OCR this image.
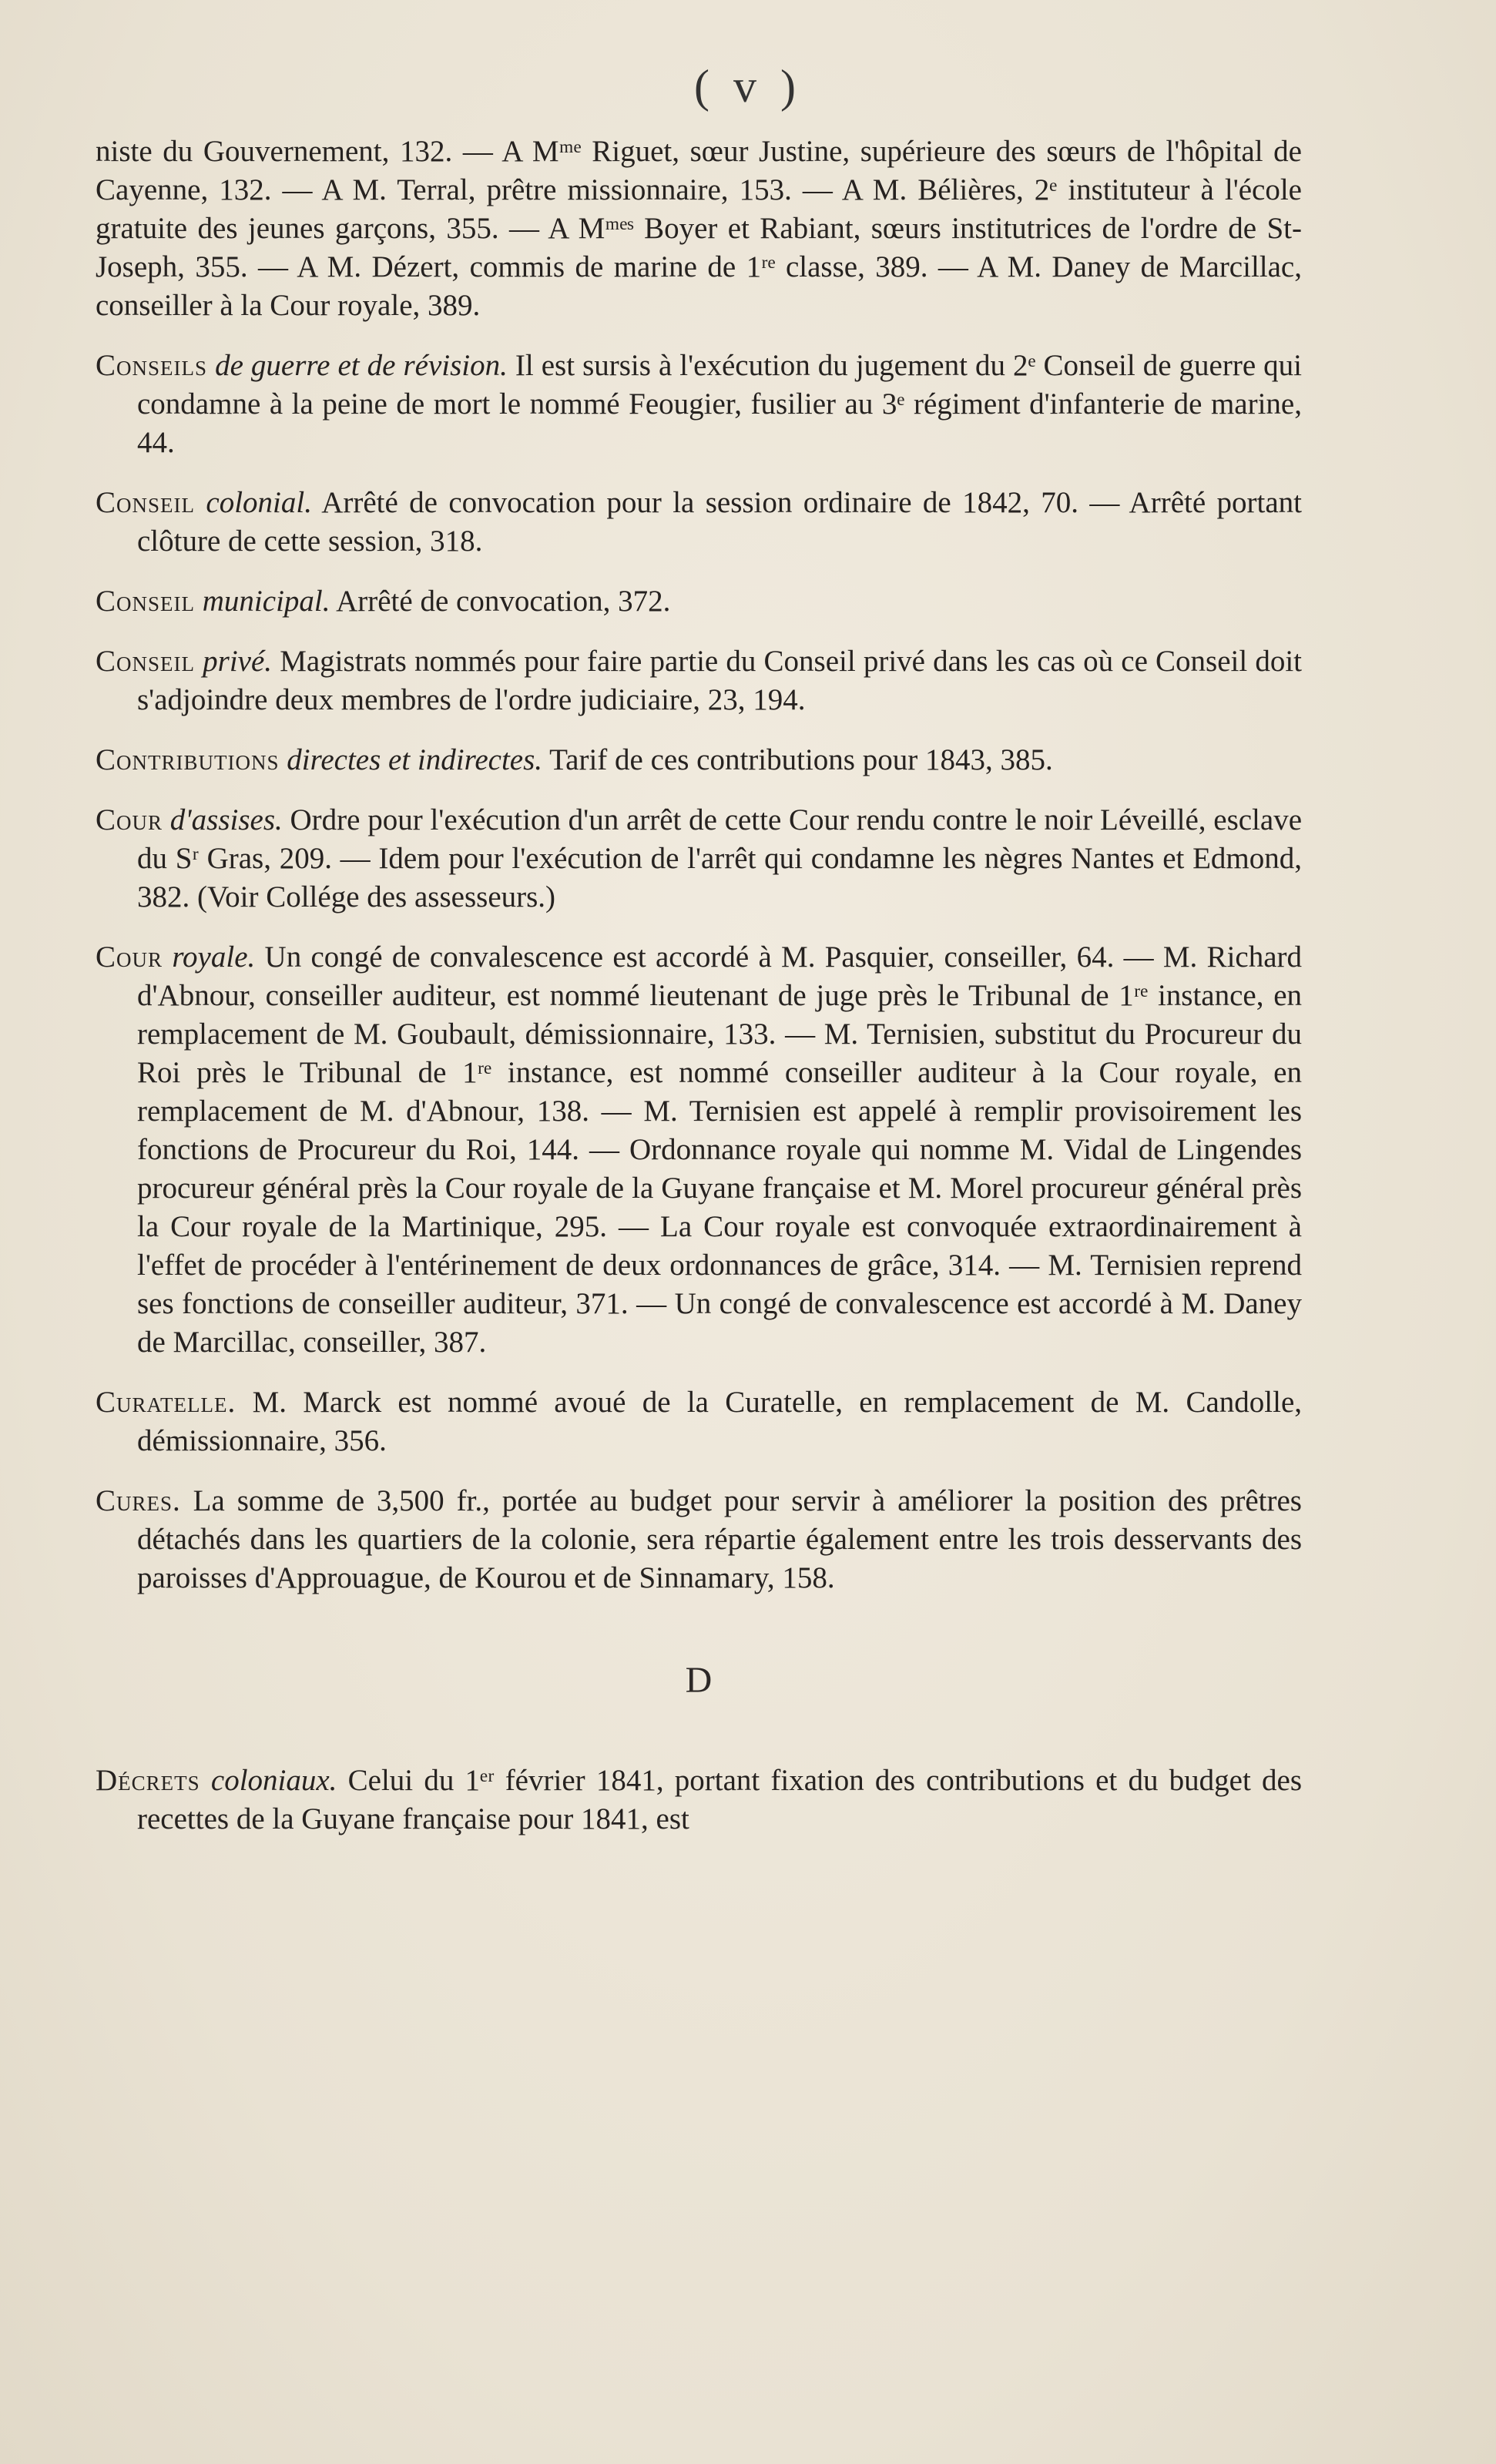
( v )

niste du Gouvernement, 132. — A Mᵐᵉ Riguet, sœur Justine, supérieure des sœurs de l'hôpital de Cayenne, 132. — A M. Terral, prêtre missionnaire, 153. — A M. Bélières, 2ᵉ instituteur à l'école gratuite des jeunes garçons, 355. — A Mᵐᵉˢ Boyer et Rabiant, sœurs institutrices de l'ordre de St-Joseph, 355. — A M. Dézert, commis de marine de 1ʳᵉ classe, 389. — A M. Daney de Marcillac, conseiller à la Cour royale, 389.

Conseils de guerre et de révision. Il est sursis à l'exécution du jugement du 2ᵉ Conseil de guerre qui condamne à la peine de mort le nommé Feougier, fusilier au 3ᵉ régiment d'infanterie de marine, 44.

Conseil colonial. Arrêté de convocation pour la session ordinaire de 1842, 70. — Arrêté portant clôture de cette session, 318.

Conseil municipal. Arrêté de convocation, 372.

Conseil privé. Magistrats nommés pour faire partie du Conseil privé dans les cas où ce Conseil doit s'adjoindre deux membres de l'ordre judiciaire, 23, 194.

Contributions directes et indirectes. Tarif de ces contributions pour 1843, 385.

Cour d'assises. Ordre pour l'exécution d'un arrêt de cette Cour rendu contre le noir Léveillé, esclave du Sʳ Gras, 209. — Idem pour l'exécution de l'arrêt qui condamne les nègres Nantes et Edmond, 382. (Voir Collége des assesseurs.)

Cour royale. Un congé de convalescence est accordé à M. Pasquier, conseiller, 64. — M. Richard d'Abnour, conseiller auditeur, est nommé lieutenant de juge près le Tribunal de 1ʳᵉ instance, en remplacement de M. Goubault, démissionnaire, 133. — M. Ternisien, substitut du Procureur du Roi près le Tribunal de 1ʳᵉ instance, est nommé conseiller auditeur à la Cour royale, en remplacement de M. d'Abnour, 138. — M. Ternisien est appelé à remplir provisoirement les fonctions de Procureur du Roi, 144. — Ordonnance royale qui nomme M. Vidal de Lingendes procureur général près la Cour royale de la Guyane française et M. Morel procureur général près la Cour royale de la Martinique, 295. — La Cour royale est convoquée extraordinairement à l'effet de procéder à l'entérinement de deux ordonnances de grâce, 314. — M. Ternisien reprend ses fonctions de conseiller auditeur, 371. — Un congé de convalescence est accordé à M. Daney de Marcillac, conseiller, 387.

Curatelle. M. Marck est nommé avoué de la Curatelle, en remplacement de M. Candolle, démissionnaire, 356.

Cures. La somme de 3,500 fr., portée au budget pour servir à améliorer la position des prêtres détachés dans les quartiers de la colonie, sera répartie également entre les trois desservants des paroisses d'Approuague, de Kourou et de Sinnamary, 158.

D

Décrets coloniaux. Celui du 1ᵉʳ février 1841, portant fixation des contributions et du budget des recettes de la Guyane française pour 1841, est
